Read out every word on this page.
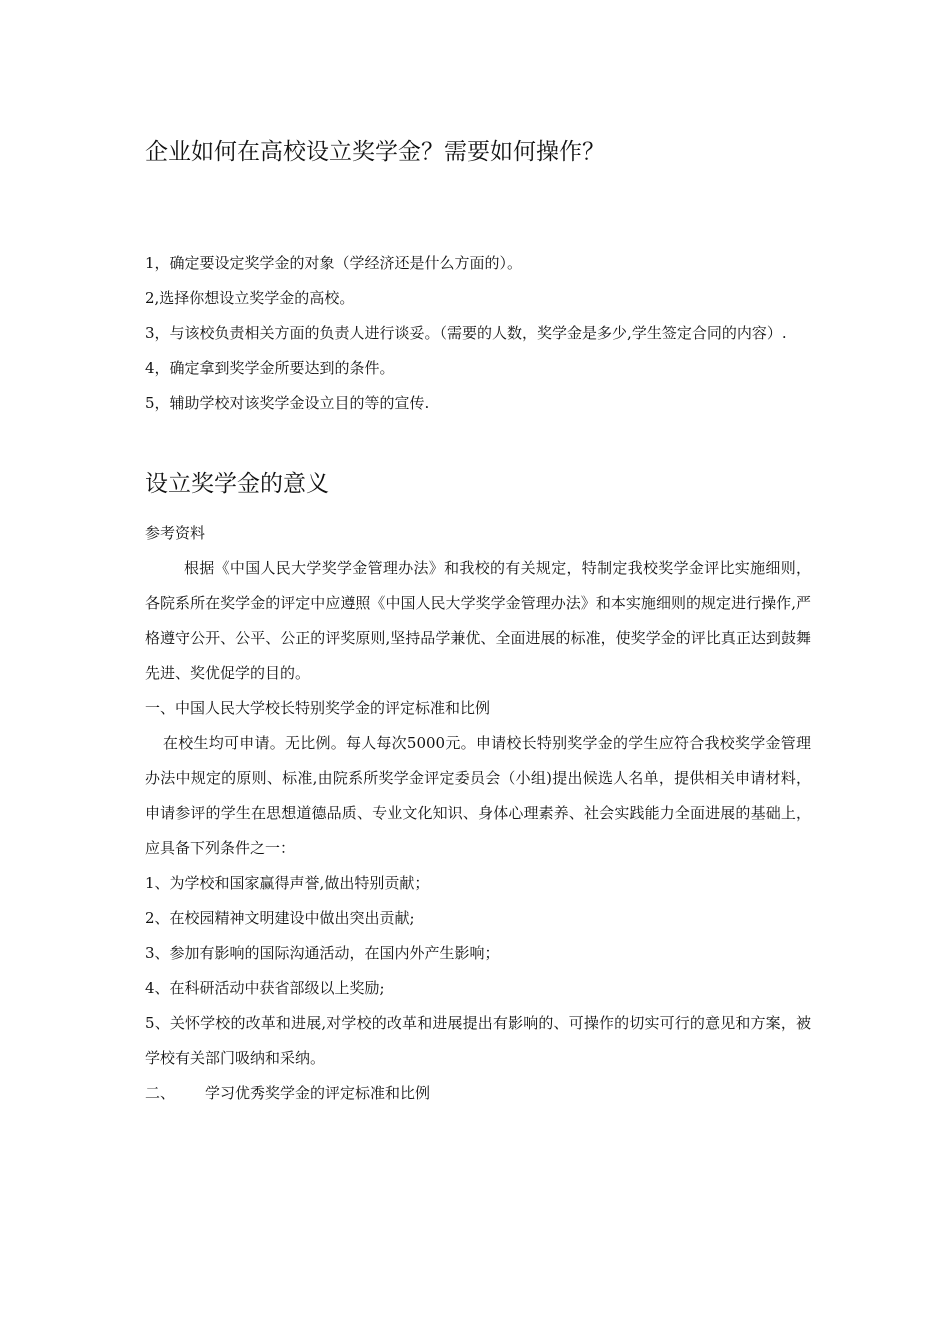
企业如何在高校设立奖学金？需要如何操作？

1，确定要设定奖学金的对象（学经济还是什么方面的）。

2,选择你想设立奖学金的高校。

3，与该校负责相关方面的负责人进行谈妥。（需要的人数，奖学金是多少,学生签定合同的内容）.

4，确定拿到奖学金所要达到的条件。

5，辅助学校对该奖学金设立目的等的宣传.

设立奖学金的意义

参考资料

根据《中国人民大学奖学金管理办法》和我校的有关规定，特制定我校奖学金评比实施细则，各院系所在奖学金的评定中应遵照《中国人民大学奖学金管理办法》和本实施细则的规定进行操作,严格遵守公开、公平、公正的评奖原则,坚持品学兼优、全面进展的标准，使奖学金的评比真正达到鼓舞先进、奖优促学的目的。

一、中国人民大学校长特别奖学金的评定标准和比例

在校生均可申请。无比例。每人每次5000元。申请校长特别奖学金的学生应符合我校奖学金管理办法中规定的原则、标准,由院系所奖学金评定委员会（小组)提出候选人名单，提供相关申请材料，申请参评的学生在思想道德品质、专业文化知识、身体心理素养、社会实践能力全面进展的基础上，应具备下列条件之一：

1、为学校和国家赢得声誉,做出特别贡献；

2、在校园精神文明建设中做出突出贡献;

3、参加有影响的国际沟通活动，在国内外产生影响；

4、在科研活动中获省部级以上奖励;

5、关怀学校的改革和进展,对学校的改革和进展提出有影响的、可操作的切实可行的意见和方案，被学校有关部门吸纳和采纳。

二、 学习优秀奖学金的评定标准和比例
